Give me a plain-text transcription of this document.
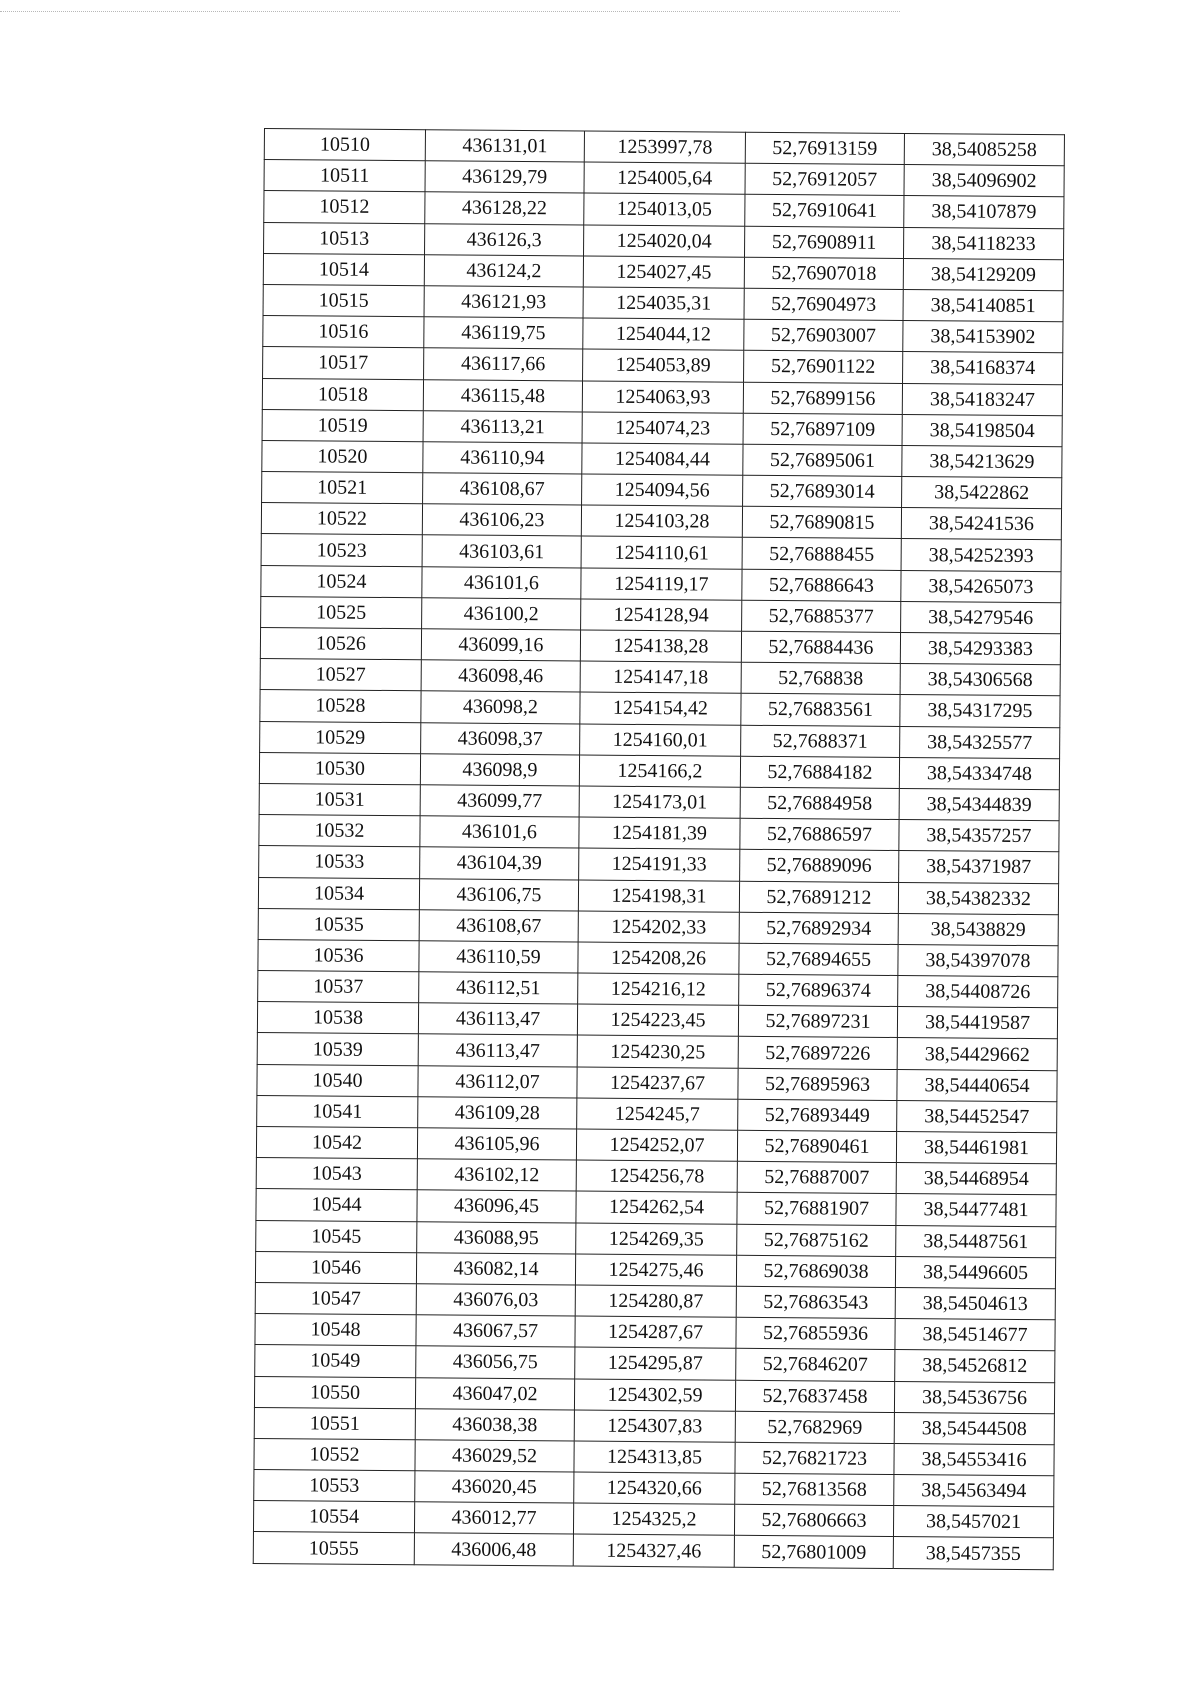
10510	436131,01	1253997,78	52,76913159	38,54085258
10511	436129,79	1254005,64	52,76912057	38,54096902
10512	436128,22	1254013,05	52,76910641	38,54107879
10513	436126,3	1254020,04	52,76908911	38,54118233
10514	436124,2	1254027,45	52,76907018	38,54129209
10515	436121,93	1254035,31	52,76904973	38,54140851
10516	436119,75	1254044,12	52,76903007	38,54153902
10517	436117,66	1254053,89	52,76901122	38,54168374
10518	436115,48	1254063,93	52,76899156	38,54183247
10519	436113,21	1254074,23	52,76897109	38,54198504
10520	436110,94	1254084,44	52,76895061	38,54213629
10521	436108,67	1254094,56	52,76893014	38,5422862
10522	436106,23	1254103,28	52,76890815	38,54241536
10523	436103,61	1254110,61	52,76888455	38,54252393
10524	436101,6	1254119,17	52,76886643	38,54265073
10525	436100,2	1254128,94	52,76885377	38,54279546
10526	436099,16	1254138,28	52,76884436	38,54293383
10527	436098,46	1254147,18	52,768838	38,54306568
10528	436098,2	1254154,42	52,76883561	38,54317295
10529	436098,37	1254160,01	52,7688371	38,54325577
10530	436098,9	1254166,2	52,76884182	38,54334748
10531	436099,77	1254173,01	52,76884958	38,54344839
10532	436101,6	1254181,39	52,76886597	38,54357257
10533	436104,39	1254191,33	52,76889096	38,54371987
10534	436106,75	1254198,31	52,76891212	38,54382332
10535	436108,67	1254202,33	52,76892934	38,5438829
10536	436110,59	1254208,26	52,76894655	38,54397078
10537	436112,51	1254216,12	52,76896374	38,54408726
10538	436113,47	1254223,45	52,76897231	38,54419587
10539	436113,47	1254230,25	52,76897226	38,54429662
10540	436112,07	1254237,67	52,76895963	38,54440654
10541	436109,28	1254245,7	52,76893449	38,54452547
10542	436105,96	1254252,07	52,76890461	38,54461981
10543	436102,12	1254256,78	52,76887007	38,54468954
10544	436096,45	1254262,54	52,76881907	38,54477481
10545	436088,95	1254269,35	52,76875162	38,54487561
10546	436082,14	1254275,46	52,76869038	38,54496605
10547	436076,03	1254280,87	52,76863543	38,54504613
10548	436067,57	1254287,67	52,76855936	38,54514677
10549	436056,75	1254295,87	52,76846207	38,54526812
10550	436047,02	1254302,59	52,76837458	38,54536756
10551	436038,38	1254307,83	52,7682969	38,54544508
10552	436029,52	1254313,85	52,76821723	38,54553416
10553	436020,45	1254320,66	52,76813568	38,54563494
10554	436012,77	1254325,2	52,76806663	38,5457021
10555	436006,48	1254327,46	52,76801009	38,5457355
